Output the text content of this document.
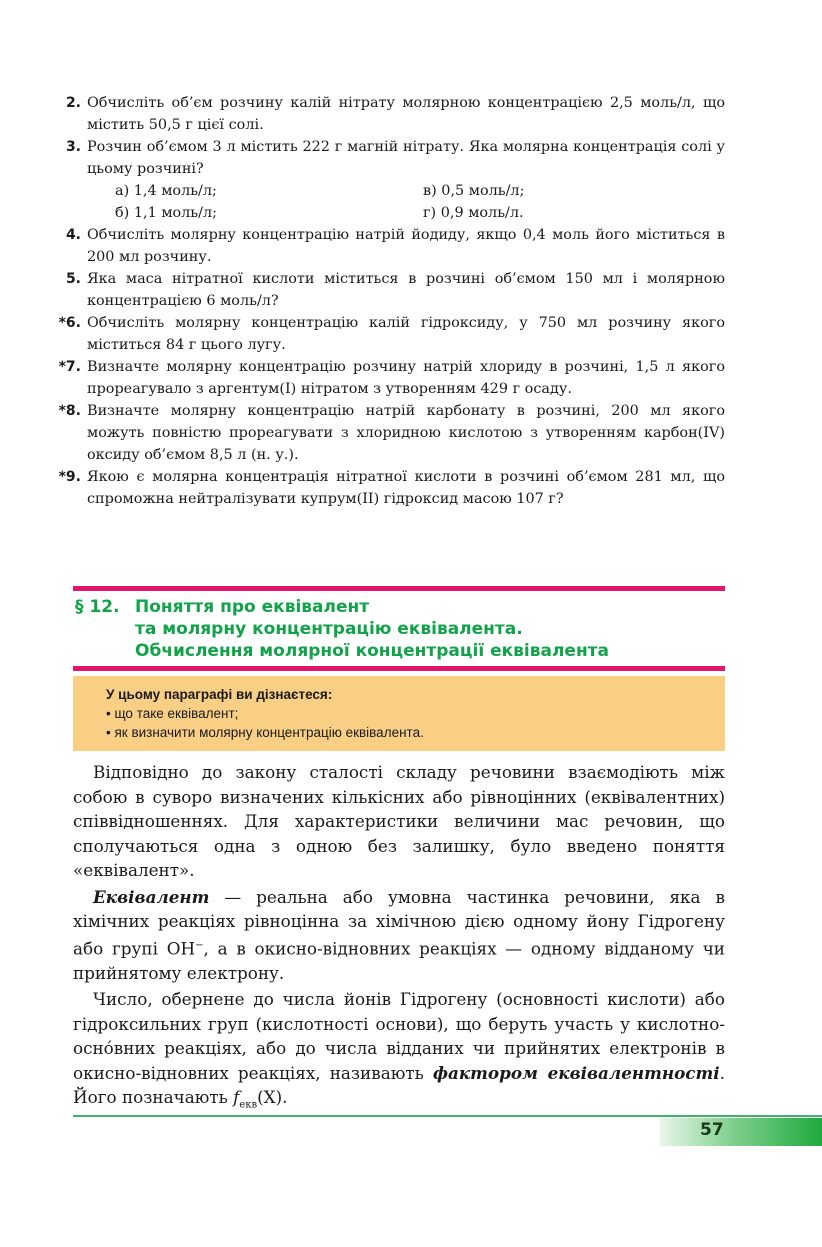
2. Обчисліть об’єм розчину калій нітрату молярною концентрацією 2,5 моль/л, що містить 50,5 г цієї солі.
3. Розчин об’ємом 3 л містить 222 г магній нітрату. Яка молярна концентрація солі у цьому розчині?
а) 1,4 моль/л;	в) 0,5 моль/л;
б) 1,1 моль/л;	г) 0,9 моль/л.
4. Обчисліть молярну концентрацію натрій йодиду, якщо 0,4 моль його міститься в 200 мл розчину.
5. Яка маса нітратної кислоти міститься в розчині об’ємом 150 мл і молярною концентрацією 6 моль/л?
*6. Обчисліть молярну концентрацію калій гідроксиду, у 750 мл розчину якого міститься 84 г цього лугу.
*7. Визначте молярну концентрацію розчину натрій хлориду в розчині, 1,5 л якого прореагувало з аргентум(І) нітратом з утворенням 429 г осаду.
*8. Визначте молярну концентрацію натрій карбонату в розчині, 200 мл якого можуть повністю прореагувати з хлоридною кислотою з утворенням карбон(IV) оксиду об’ємом 8,5 л (н. у.).
*9. Якою є молярна концентрація нітратної кислоти в розчині об’ємом 281 мл, що спроможна нейтралізувати купрум(ІІ) гідроксид масою 107 г?
§ 12. Поняття про еквівалент
та молярну концентрацію еквівалента.
Обчислення молярної концентрації еквівалента
У цьому параграфі ви дізнаєтеся:
• що таке еквівалент;
• як визначити молярну концентрацію еквівалента.

Відповідно до закону сталості складу речовини взаємодіють між собою в суворо визначених кількісних або рівноцінних (еквівалентних) співвідношеннях. Для характеристики величини мас речовин, що сполучаються одна з одною без залишку, було введено поняття «еквівалент».

Еквівалент — реальна або умовна частинка речовини, яка в хімічних реакціях рівноцінна за хімічною дією одному йону Гідрогену або групі OH−, а в окисно-відновних реакціях — одному відданому чи прийнятому електрону.

Число, обернене до числа йонів Гідрогену (основності кислоти) або гідроксильних груп (кислотності основи), що беруть участь у кислотно-осно́вних реакціях, або до числа відданих чи прийнятих електронів в окисно-відновних реакціях, називають фактором еквівалентності. Його позначають $f_{екв}(X)$.

57
